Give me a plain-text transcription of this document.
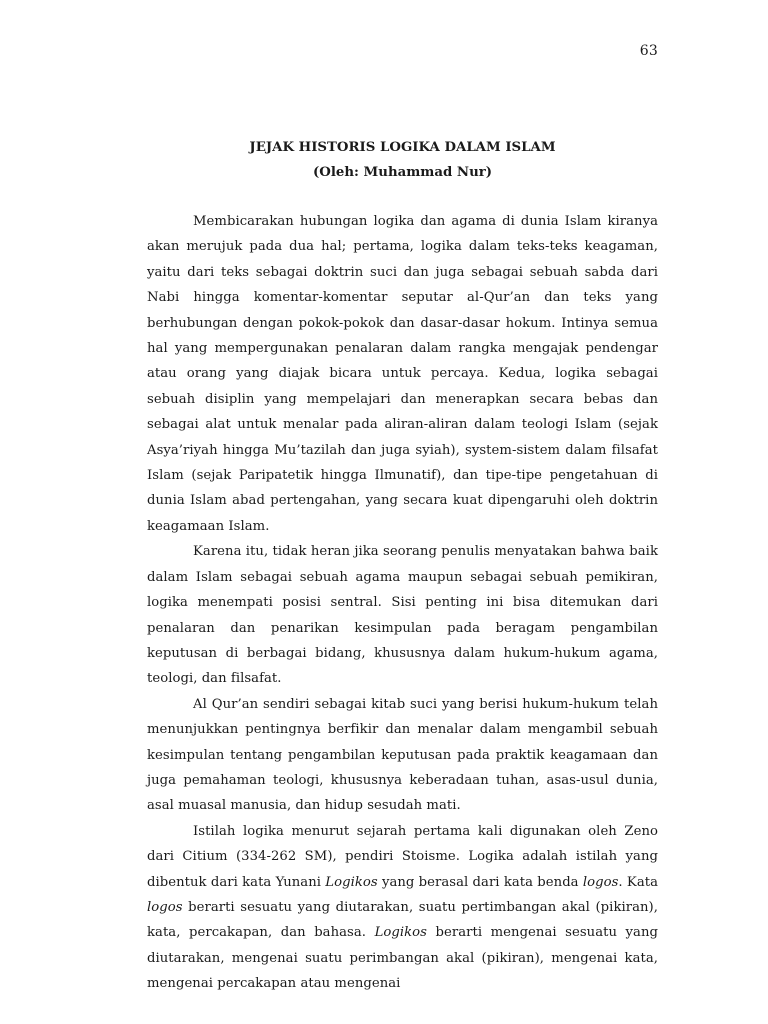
63

JEJAK HISTORIS LOGIKA DALAM ISLAM

(Oleh: Muhammad Nur)

Membicarakan hubungan logika dan agama di dunia Islam kiranya akan merujuk pada dua hal; pertama, logika dalam teks-teks keagaman, yaitu dari teks sebagai doktrin suci dan juga sebagai sebuah sabda dari Nabi hingga komentar-komentar seputar al-Qur’an dan teks yang berhubungan dengan pokok-pokok dan dasar-dasar hokum. Intinya semua hal yang mempergunakan penalaran dalam rangka mengajak pendengar atau orang yang diajak bicara untuk percaya. Kedua, logika sebagai sebuah disiplin yang mempelajari dan menerapkan secara bebas dan sebagai alat untuk menalar pada aliran-aliran dalam teologi Islam (sejak Asya’riyah hingga Mu’tazilah dan juga syiah), system-sistem dalam filsafat Islam (sejak Paripatetik hingga Ilmunatif), dan tipe-tipe pengetahuan di dunia Islam abad pertengahan, yang secara kuat dipengaruhi oleh doktrin keagamaan Islam.

Karena itu, tidak heran jika seorang penulis menyatakan bahwa baik dalam Islam sebagai sebuah agama maupun sebagai sebuah pemikiran, logika menempati posisi sentral. Sisi penting ini bisa ditemukan dari penalaran dan penarikan kesimpulan pada beragam pengambilan keputusan di berbagai bidang, khususnya dalam hukum-hukum agama, teologi, dan filsafat.

Al Qur’an sendiri sebagai kitab suci yang berisi hukum-hukum telah menunjukkan pentingnya berfikir dan menalar dalam mengambil sebuah kesimpulan tentang pengambilan keputusan pada praktik keagamaan dan juga pemahaman teologi, khususnya keberadaan tuhan, asas-usul dunia, asal muasal manusia, dan hidup sesudah mati.

Istilah logika menurut sejarah pertama kali digunakan oleh Zeno dari Citium (334-262 SM), pendiri Stoisme. Logika adalah istilah yang dibentuk dari kata Yunani Logikos yang berasal dari kata benda logos. Kata logos berarti sesuatu yang diutarakan, suatu pertimbangan akal (pikiran), kata, percakapan, dan bahasa. Logikos berarti mengenai sesuatu yang diutarakan, mengenai suatu perimbangan akal (pikiran), mengenai kata, mengenai percakapan atau mengenai
